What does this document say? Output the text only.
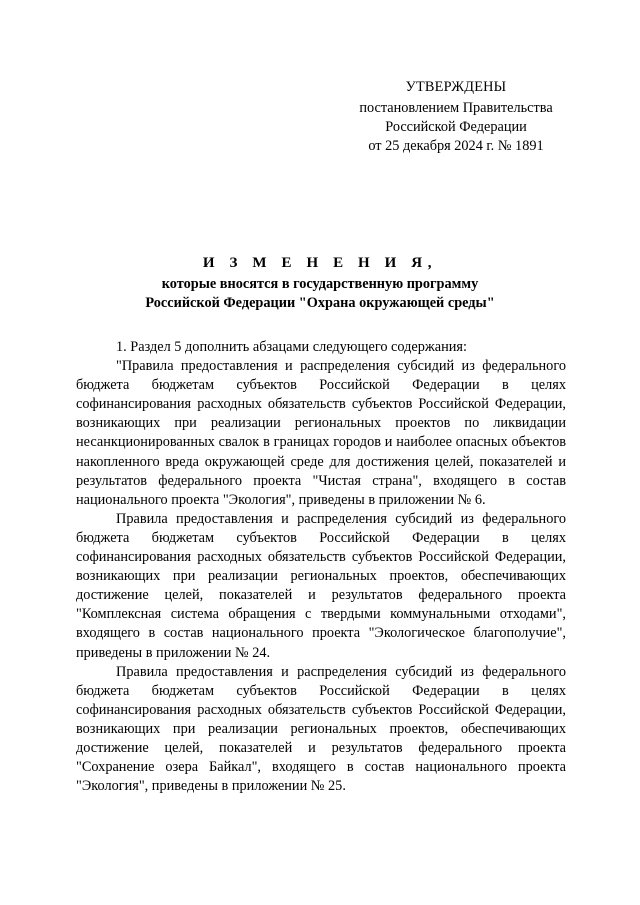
УТВЕРЖДЕНЫ
постановлением Правительства
Российской Федерации
от 25 декабря 2024 г. № 1891
И З М Е Н Е Н И Я,
которые вносятся в государственную программу
Российской Федерации "Охрана окружающей среды"

1. Раздел 5 дополнить абзацами следующего содержания:

"Правила предоставления и распределения субсидий из федерального бюджета бюджетам субъектов Российской Федерации в целях софинансирования расходных обязательств субъектов Российской Федерации, возникающих при реализации региональных проектов по ликвидации несанкционированных свалок в границах городов и наиболее опасных объектов накопленного вреда окружающей среде для достижения целей, показателей и результатов федерального проекта "Чистая страна", входящего в состав национального проекта "Экология", приведены в приложении № 6.

Правила предоставления и распределения субсидий из федерального бюджета бюджетам субъектов Российской Федерации в целях софинансирования расходных обязательств субъектов Российской Федерации, возникающих при реализации региональных проектов, обеспечивающих достижение целей, показателей и результатов федерального проекта "Комплексная система обращения с твердыми коммунальными отходами", входящего в состав национального проекта "Экологическое благополучие", приведены в приложении № 24.

Правила предоставления и распределения субсидий из федерального бюджета бюджетам субъектов Российской Федерации в целях софинансирования расходных обязательств субъектов Российской Федерации, возникающих при реализации региональных проектов, обеспечивающих достижение целей, показателей и результатов федерального проекта "Сохранение озера Байкал", входящего в состав национального проекта "Экология", приведены в приложении № 25.
